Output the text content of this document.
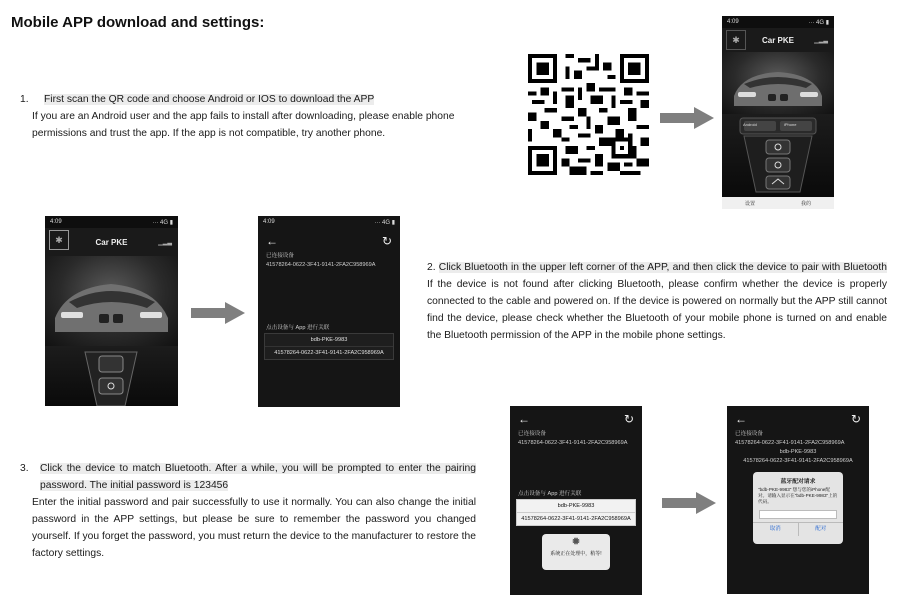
Mobile APP download and settings:
1. First scan the QR code and choose Android or IOS to download the APP
If you are an Android user and the app fails to install after downloading, please enable phone
permissions and trust the app. If the app is not compatible, try another phone.
4:09	··· 4G ▮
✱	Car PKE	▁▂▃
Android	iPhone
设置	我的
4:09	··· 4G ▮
✱	Car PKE	▁▂▃
4:09	··· 4G ▮
←	↻
已连接设备
41578264-0622-3F41-9141-2FA2C958969A
点击设备与 App 进行关联
bdb-PKE-9983
41578264-0622-3F41-9141-2FA2C958969A
2. Click Bluetooth in the upper left corner of the APP, and then click the device to pair with Bluetooth If the device is not found after clicking Bluetooth, please confirm whether the device is properly connected to the cable and powered on. If the device is powered on normally but the APP still cannot find the device, please check whether the Bluetooth of your mobile phone is turned on and enable the Bluetooth permission of the APP in the mobile phone settings.
←	↻
已连接设备
41578264-0622-3F41-9141-2FA2C958969A
点击设备与 App 进行关联
bdb-PKE-9983
41578264-0622-3F41-9141-2FA2C958969A
✹
系统正在处理中，稍等!
←	↻
已连接设备
41578264-0622-3F41-9141-2FA2C958969A
bdb-PKE-9983
41578264-0622-3F41-9141-2FA2C958969A
蓝牙配对请求
"bdb-PKE-9983" 想与您的iPhone配对。请输入显示在"bdb-PKE-9983"上的代码。
取消	配对
3. Click the device to match Bluetooth. After a while, you will be prompted to enter the pairing password. The initial password is 123456
Enter the initial password and pair successfully to use it normally. You can also change the initial password in the APP settings, but please be sure to remember the password you changed yourself. If you forget the password, you must return the device to the manufacturer to restore the factory settings.
